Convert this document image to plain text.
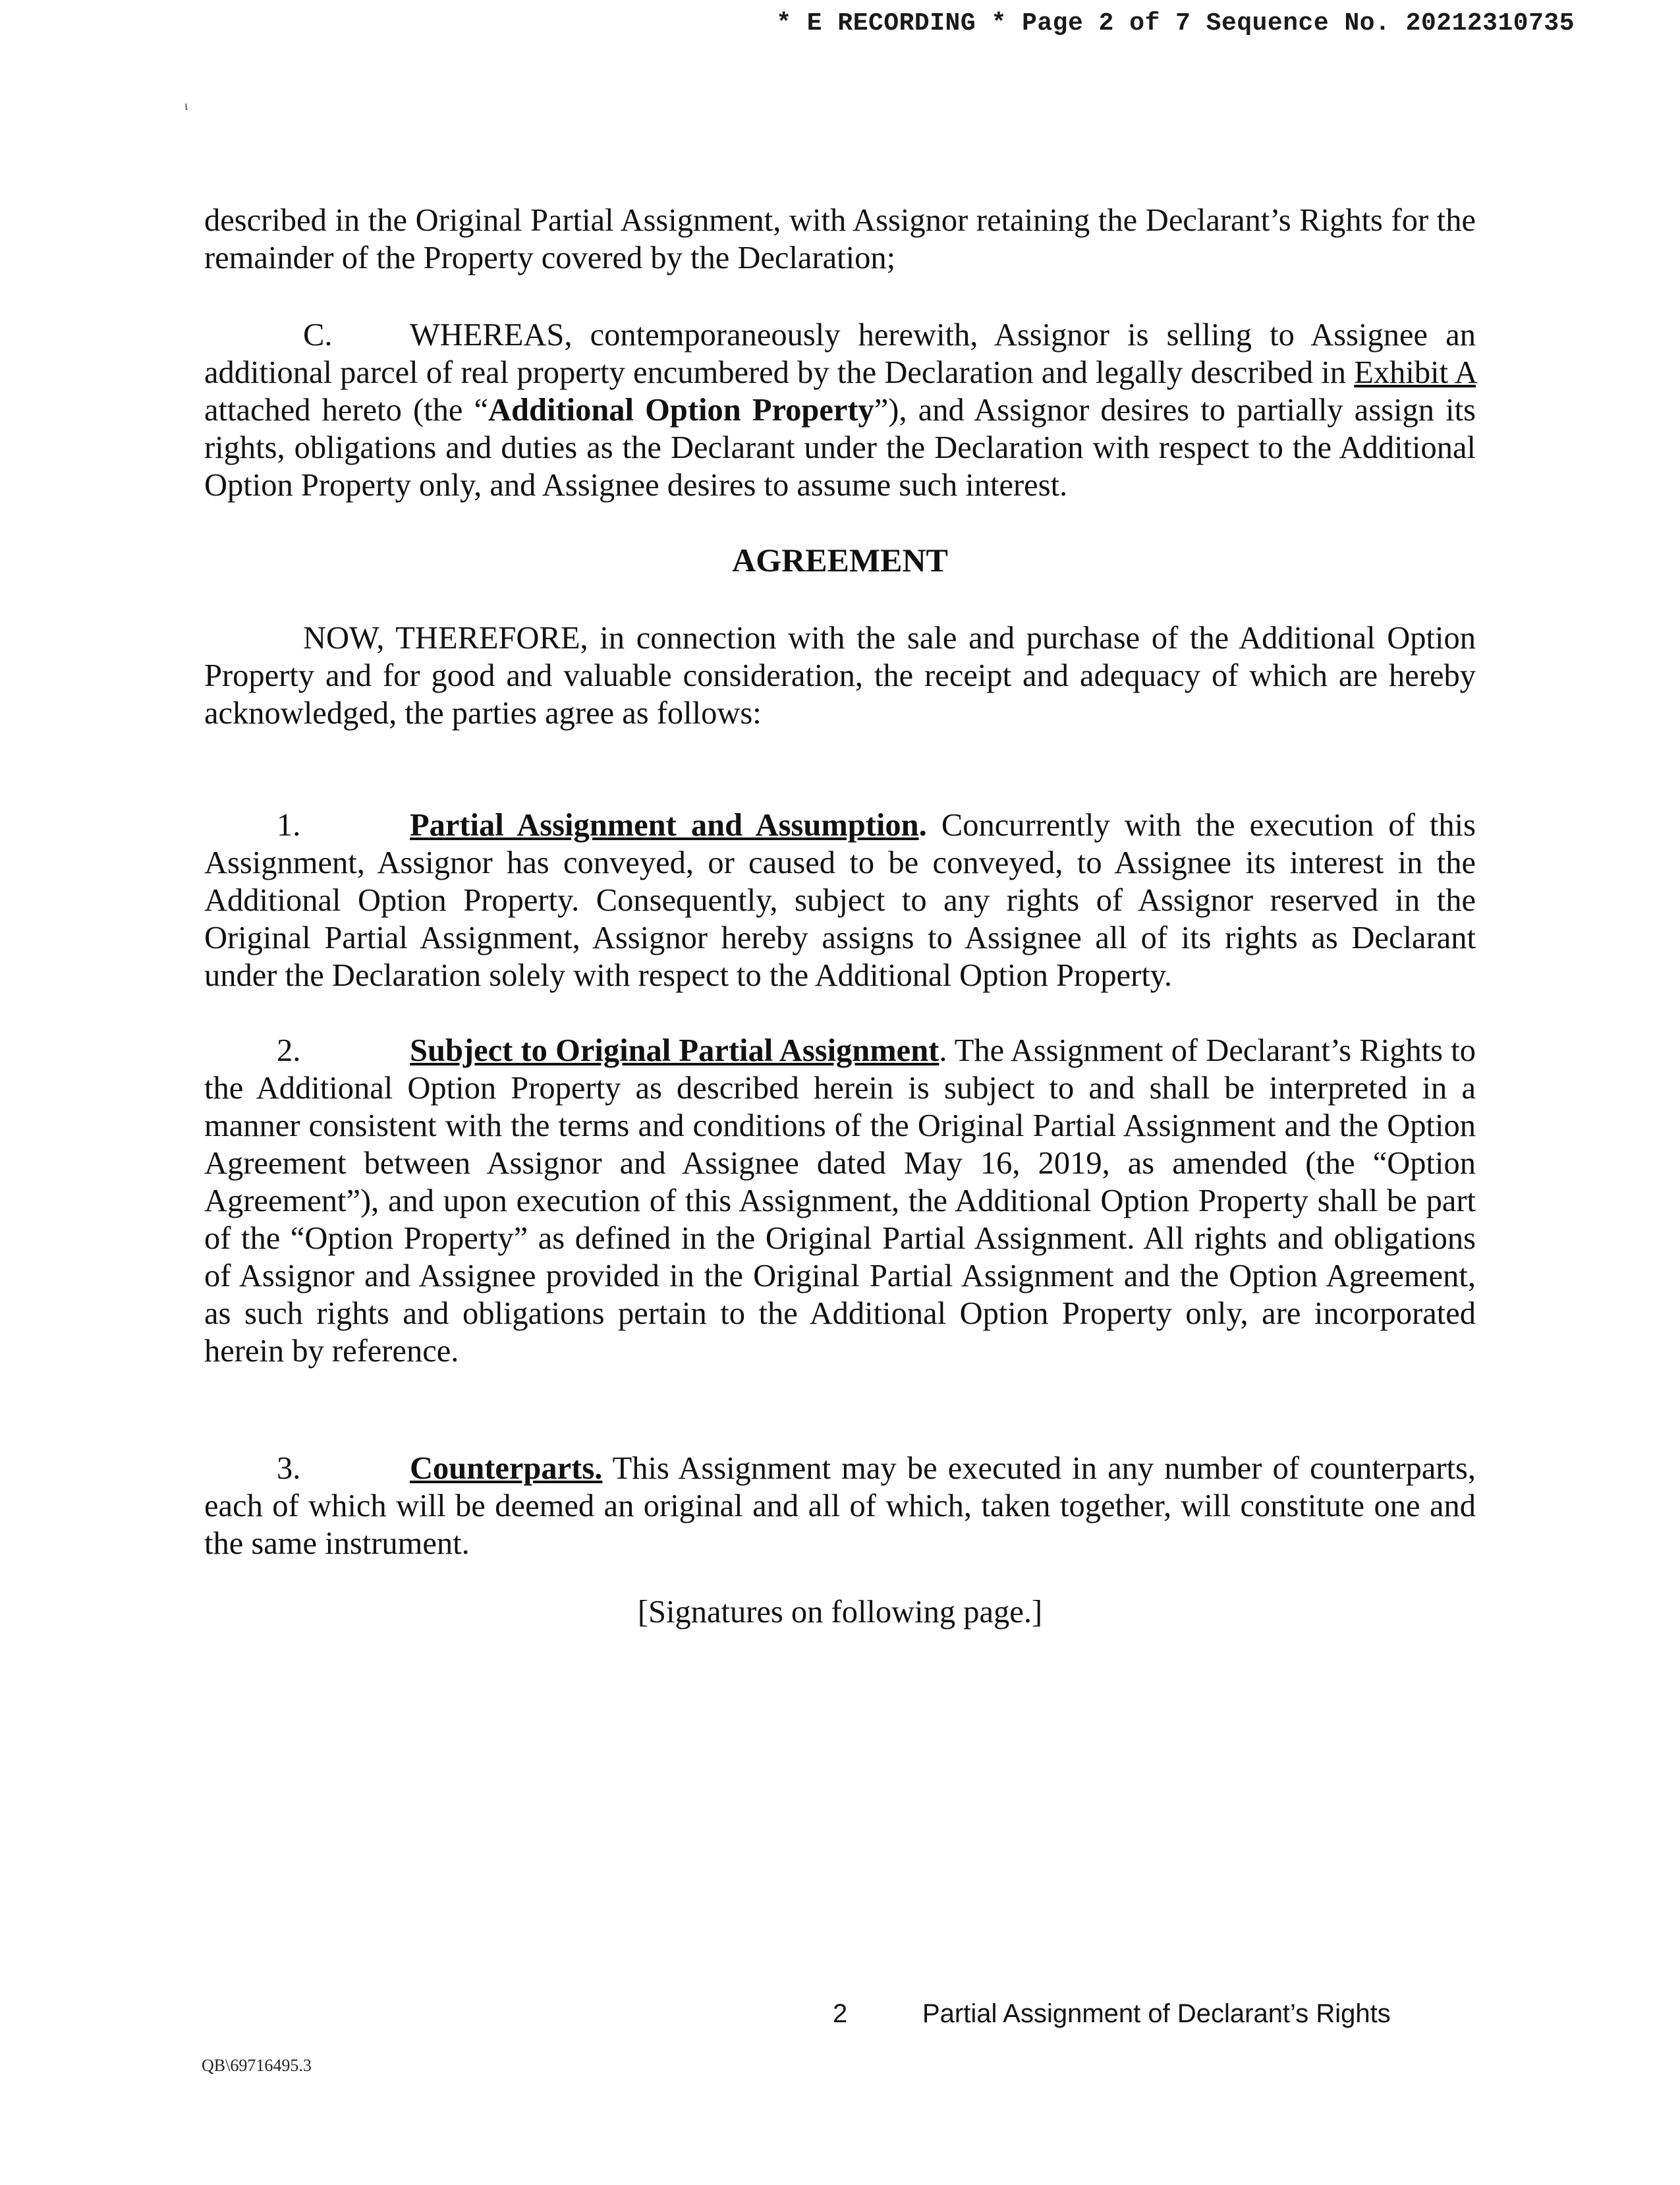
* E RECORDING * Page 2 of 7 Sequence No. 20212310735
ι

described in the Original Partial Assignment, with Assignor retaining the Declarant’s Rights for the remainder of the Property covered by the Declaration;

C. WHEREAS, contemporaneously herewith, Assignor is selling to Assignee an additional parcel of real property encumbered by the Declaration and legally described in Exhibit A attached hereto (the “Additional Option Property”), and Assignor desires to partially assign its rights, obligations and duties as the Declarant under the Declaration with respect to the Additional Option Property only, and Assignee desires to assume such interest.

AGREEMENT

NOW, THEREFORE, in connection with the sale and purchase of the Additional Option Property and for good and valuable consideration, the receipt and adequacy of which are hereby acknowledged, the parties agree as follows:

1.	Partial Assignment and Assumption. Concurrently with the execution of this Assignment, Assignor has conveyed, or caused to be conveyed, to Assignee its interest in the Additional Option Property. Consequently, subject to any rights of Assignor reserved in the Original Partial Assignment, Assignor hereby assigns to Assignee all of its rights as Declarant under the Declaration solely with respect to the Additional Option Property.

2.	Subject to Original Partial Assignment. The Assignment of Declarant’s Rights to the Additional Option Property as described herein is subject to and shall be interpreted in a manner consistent with the terms and conditions of the Original Partial Assignment and the Option Agreement between Assignor and Assignee dated May 16, 2019, as amended (the “Option Agreement”), and upon execution of this Assignment, the Additional Option Property shall be part of the “Option Property” as defined in the Original Partial Assignment. All rights and obligations of Assignor and Assignee provided in the Original Partial Assignment and the Option Agreement, as such rights and obligations pertain to the Additional Option Property only, are incorporated herein by reference.

3.	Counterparts. This Assignment may be executed in any number of counterparts, each of which will be deemed an original and all of which, taken together, will constitute one and the same instrument.

[Signatures on following page.]
2	Partial Assignment of Declarant’s Rights
QB\69716495.3
